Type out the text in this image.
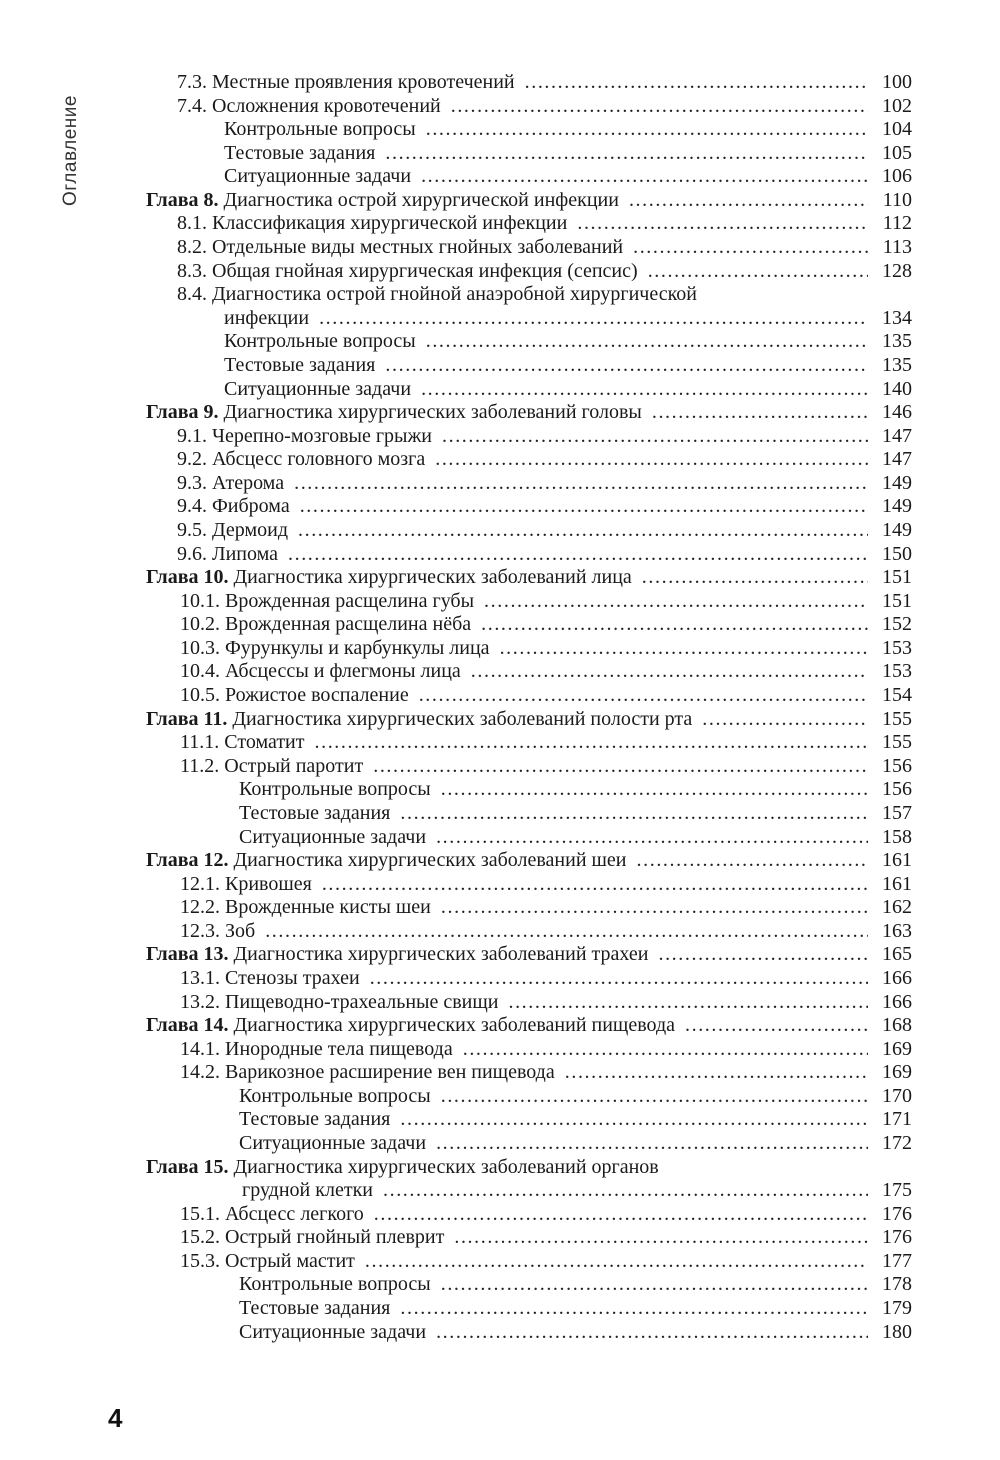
Оглавление
7.3. Местные проявления кровотечений .....	100
7.4. Осложнения кровотечений .....	102
Контрольные вопросы .....	104
Тестовые задания .....	105
Ситуационные задачи .....	106
Глава 8. Диагностика острой хирургической инфекции .....	110
8.1. Классификация хирургической инфекции .....	112
8.2. Отдельные виды местных гнойных заболеваний .....	113
8.3. Общая гнойная хирургическая инфекция (сепсис) .....	128
8.4. Диагностика острой гнойной анаэробной хирургической
инфекции .....	134
Контрольные вопросы .....	135
Тестовые задания .....	135
Ситуационные задачи .....	140
Глава 9. Диагностика хирургических заболеваний головы .....	146
9.1. Черепно-мозговые грыжи .....	147
9.2. Абсцесс головного мозга .....	147
9.3. Атерома .....	149
9.4. Фиброма .....	149
9.5. Дермоид .....	149
9.6. Липома .....	150
Глава 10. Диагностика хирургических заболеваний лица .....	151
10.1. Врожденная расщелина губы .....	151
10.2. Врожденная расщелина нёба .....	152
10.3. Фурункулы и карбункулы лица .....	153
10.4. Абсцессы и флегмоны лица .....	153
10.5. Рожистое воспаление .....	154
Глава 11. Диагностика хирургических заболеваний полости рта .....	155
11.1. Стоматит .....	155
11.2. Острый паротит .....	156
Контрольные вопросы .....	156
Тестовые задания .....	157
Ситуационные задачи .....	158
Глава 12. Диагностика хирургических заболеваний шеи .....	161
12.1. Кривошея .....	161
12.2. Врожденные кисты шеи .....	162
12.3. Зоб .....	163
Глава 13. Диагностика хирургических заболеваний трахеи .....	165
13.1. Стенозы трахеи .....	166
13.2. Пищеводно-трахеальные свищи .....	166
Глава 14. Диагностика хирургических заболеваний пищевода .....	168
14.1. Инородные тела пищевода .....	169
14.2. Варикозное расширение вен пищевода .....	169
Контрольные вопросы .....	170
Тестовые задания .....	171
Ситуационные задачи .....	172
Глава 15. Диагностика хирургических заболеваний органов
грудной клетки .....	175
15.1. Абсцесс легкого .....	176
15.2. Острый гнойный плеврит .....	176
15.3. Острый мастит .....	177
Контрольные вопросы .....	178
Тестовые задания .....	179
Ситуационные задачи .....	180
4
